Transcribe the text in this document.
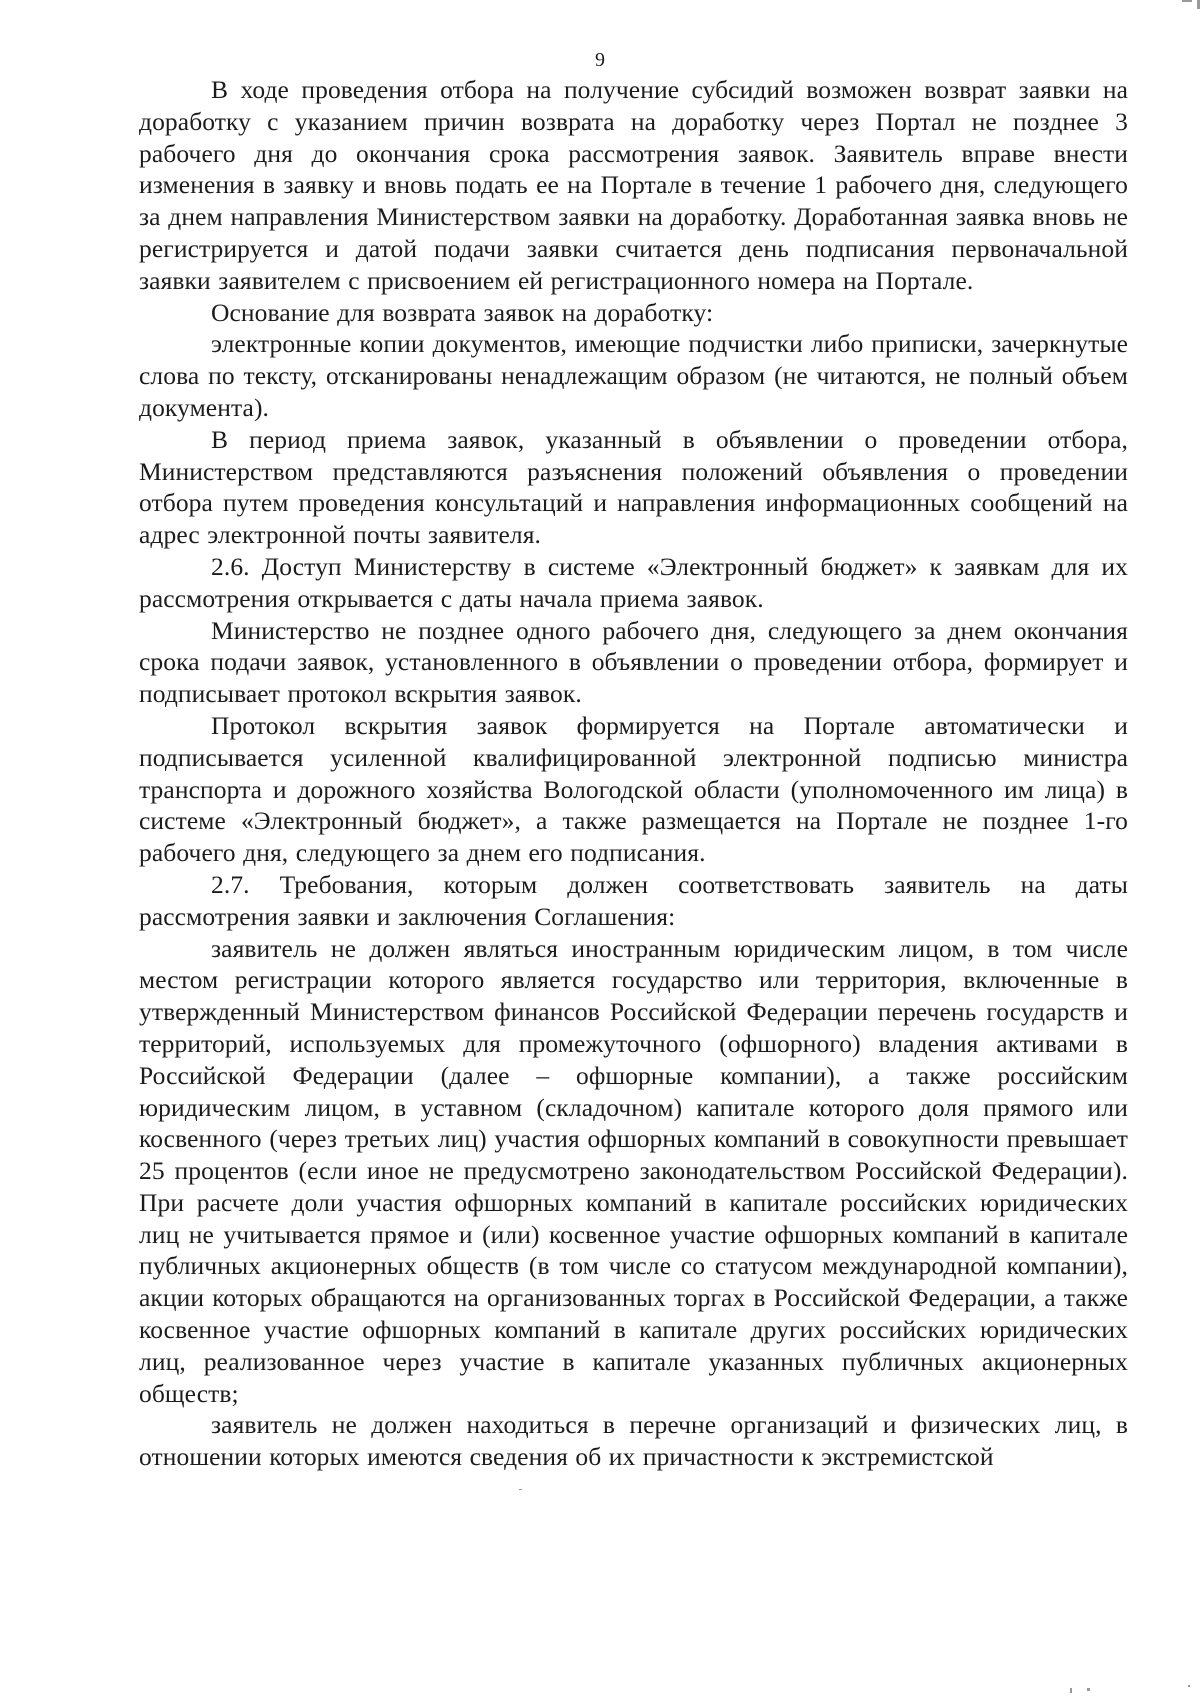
9

В ходе проведения отбора на получение субсидий возможен возврат заявки на доработку с указанием причин возврата на доработку через Портал не позднее 3 рабочего дня до окончания срока рассмотрения заявок. Заявитель вправе внести изменения в заявку и вновь подать ее на Портале в течение 1 рабочего дня, следующего за днем направления Министерством заявки на доработку. Доработанная заявка вновь не регистрируется и датой подачи заявки считается день подписания первоначальной заявки заявителем с присвоением ей регистрационного номера на Портале.

Основание для возврата заявок на доработку:

электронные копии документов, имеющие подчистки либо приписки, зачеркнутые слова по тексту, отсканированы ненадлежащим образом (не читаются, не полный объем документа).

В период приема заявок, указанный в объявлении о проведении отбора, Министерством представляются разъяснения положений объявления о проведении отбора путем проведения консультаций и направления информационных сообщений на адрес электронной почты заявителя.

2.6. Доступ Министерству в системе «Электронный бюджет» к заявкам для их рассмотрения открывается с даты начала приема заявок.

Министерство не позднее одного рабочего дня, следующего за днем окончания срока подачи заявок, установленного в объявлении о проведении отбора, формирует и подписывает протокол вскрытия заявок.

Протокол вскрытия заявок формируется на Портале автоматически и подписывается усиленной квалифицированной электронной подписью министра транспорта и дорожного хозяйства Вологодской области (уполномоченного им лица) в системе «Электронный бюджет», а также размещается на Портале не позднее 1-го рабочего дня, следующего за днем его подписания.

2.7. Требования, которым должен соответствовать заявитель на даты рассмотрения заявки и заключения Соглашения:

заявитель не должен являться иностранным юридическим лицом, в том числе местом регистрации которого является государство или территория, включенные в утвержденный Министерством финансов Российской Федерации перечень государств и территорий, используемых для промежуточного (офшорного) владения активами в Российской Федерации (далее – офшорные компании), а также российским юридическим лицом, в уставном (складочном) капитале которого доля прямого или косвенного (через третьих лиц) участия офшорных компаний в совокупности превышает 25 процентов (если иное не предусмотрено законодательством Российской Федерации). При расчете доли участия офшорных компаний в капитале российских юридических лиц не учитывается прямое и (или) косвенное участие офшорных компаний в капитале публичных акционерных обществ (в том числе со статусом международной компании), акции которых обращаются на организованных торгах в Российской Федерации, а также косвенное участие офшорных компаний в капитале других российских юридических лиц, реализованное через участие в капитале указанных публичных акционерных обществ;

заявитель не должен находиться в перечне организаций и физических лиц, в отношении которых имеются сведения об их причастности к экстремистской
